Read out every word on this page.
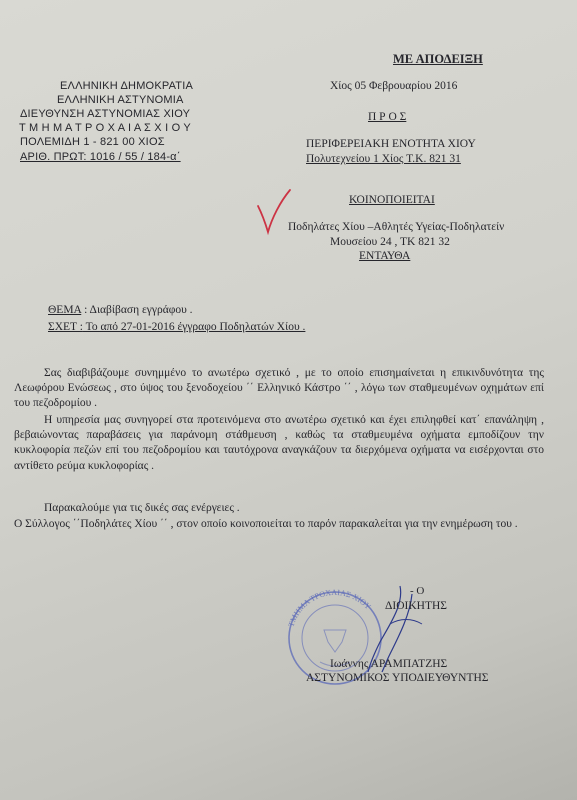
ΜΕ ΑΠΟΔΕΙΞΗ
ΕΛΛΗΝΙΚΗ ΔΗΜΟΚΡΑΤΙΑ
ΕΛΛΗΝΙΚΗ ΑΣΤΥΝΟΜΙΑ
ΔΙΕΥΘΥΝΣΗ ΑΣΤΥΝΟΜΙΑΣ ΧΙΟΥ
Τ Μ Η Μ Α Τ Ρ Ο Χ Α Ι Α Σ Χ Ι Ο Υ
ΠΟΛΕΜΙΔΗ 1 - 821 00 ΧΙΟΣ
ΑΡΙΘ. ΠΡΩΤ: 1016 / 55 / 184-α΄
Χίος 05 Φεβρουαρίου 2016
Π Ρ Ο Σ
ΠΕΡΙΦΕΡΕΙΑΚΗ ΕΝΟΤΗΤΑ ΧΙΟΥ
Πολυτεχνείου 1 Χίος Τ.Κ. 821 31
ΚΟΙΝΟΠΟΙΕΙΤΑΙ
Ποδηλάτες Χίου –Αθλητές Υγείας-Ποδηλατείν
Μουσείου 24 , ΤΚ 821 32
ΕΝΤΑΥΘΑ
ΘΕΜΑ : Διαβίβαση εγγράφου .
ΣΧΕΤ : Το από 27-01-2016 έγγραφο Ποδηλατών Χίου .
Σας διαβιβάζουμε συνημμένο το ανωτέρω σχετικό , με το οποίο επισημαίνεται η επικινδυνότητα της Λεωφόρου Ενώσεως , στο ύψος του ξενοδοχείου ΄΄ Ελληνικό Κάστρο ΄΄ , λόγω των σταθμευμένων οχημάτων επί του πεζοδρομίου .
Η υπηρεσία μας συνηγορεί στα προτεινόμενα στο ανωτέρω σχετικό και έχει επιληφθεί κατ΄ επανάληψη , βεβαιώνοντας παραβάσεις για παράνομη στάθμευση , καθώς τα σταθμευμένα οχήματα εμποδίζουν την κυκλοφορία πεζών επί του πεζοδρομίου και ταυτόχρονα αναγκάζουν τα διερχόμενα οχήματα να εισέρχονται στο αντίθετο ρεύμα κυκλοφορίας .
Παρακαλούμε για τις δικές σας ενέργειες .
Ο Σύλλογος ΄΄Ποδηλάτες Χίου ΄΄ , στον οποίο κοινοποιείται το παρόν παρακαλείται για την ενημέρωση του .
ΤΜΗΜΑ ΤΡΟΧΑΙΑΣ ΧΙΟΥ
- Ο
ΔΙΟΙΚΗΤΗΣ
Ιωάννης ΑΡΑΜΠΑΤΖΗΣ
ΑΣΤΥΝΟΜΙΚΟΣ ΥΠΟΔΙΕΥΘΥΝΤΗΣ
